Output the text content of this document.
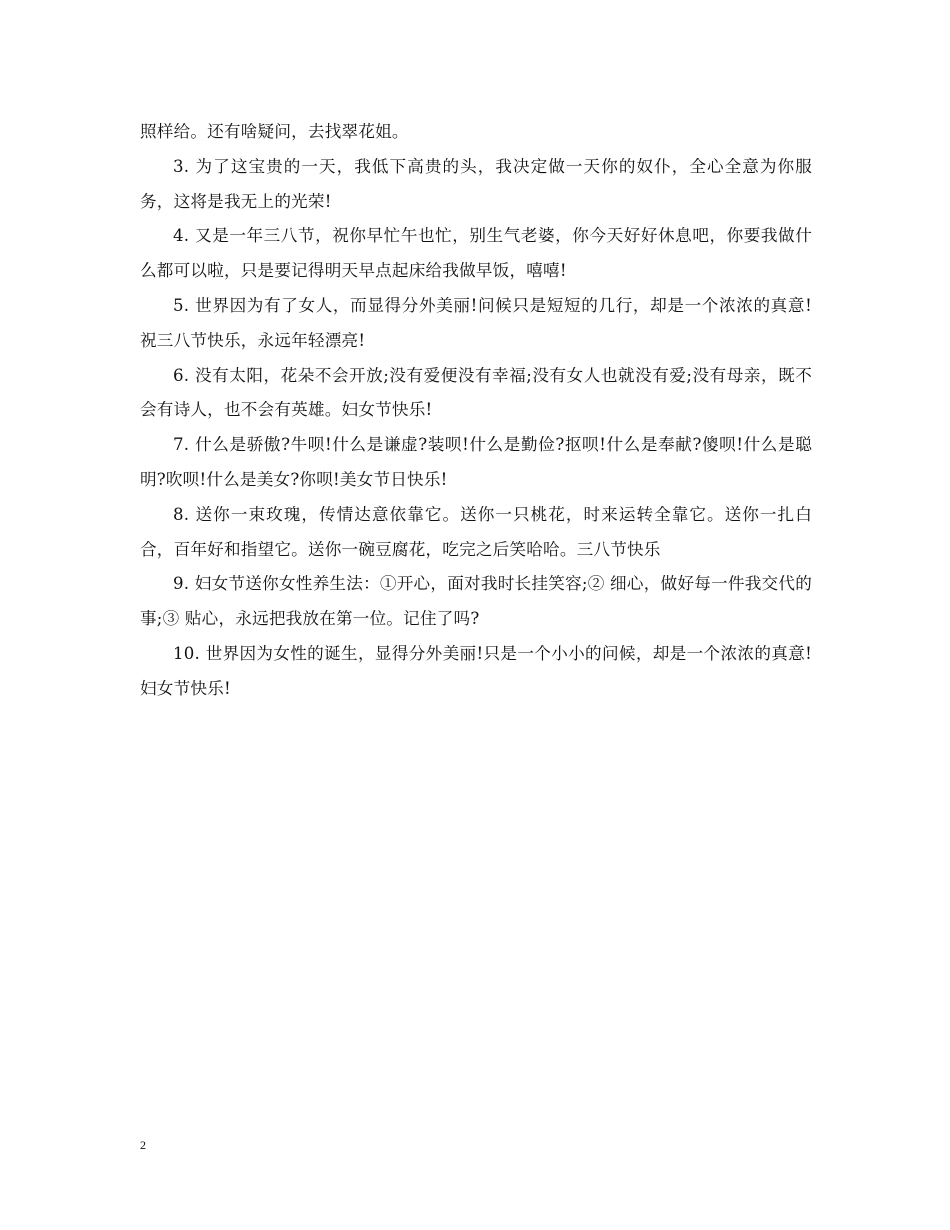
照样给。还有啥疑问，去找翠花姐。

3. 为了这宝贵的一天，我低下高贵的头，我决定做一天你的奴仆，全心全意为你服务，这将是我无上的光荣!

4. 又是一年三八节，祝你早忙午也忙，别生气老婆，你今天好好休息吧，你要我做什么都可以啦，只是要记得明天早点起床给我做早饭，嘻嘻!

5. 世界因为有了女人，而显得分外美丽!问候只是短短的几行，却是一个浓浓的真意!祝三八节快乐，永远年轻漂亮!

6. 没有太阳，花朵不会开放;没有爱便没有幸福;没有女人也就没有爱;没有母亲，既不会有诗人，也不会有英雄。妇女节快乐!

7. 什么是骄傲?牛呗!什么是谦虚?装呗!什么是勤俭?抠呗!什么是奉献?傻呗!什么是聪明?吹呗!什么是美女?你呗!美女节日快乐!

8. 送你一束玫瑰，传情达意依靠它。送你一只桃花，时来运转全靠它。送你一扎白合，百年好和指望它。送你一碗豆腐花，吃完之后笑哈哈。三八节快乐

9. 妇女节送你女性养生法：①开心，面对我时长挂笑容;② 细心，做好每一件我交代的事;③ 贴心，永远把我放在第一位。记住了吗?

10. 世界因为女性的诞生，显得分外美丽!只是一个小小的问候，却是一个浓浓的真意!妇女节快乐!

2
